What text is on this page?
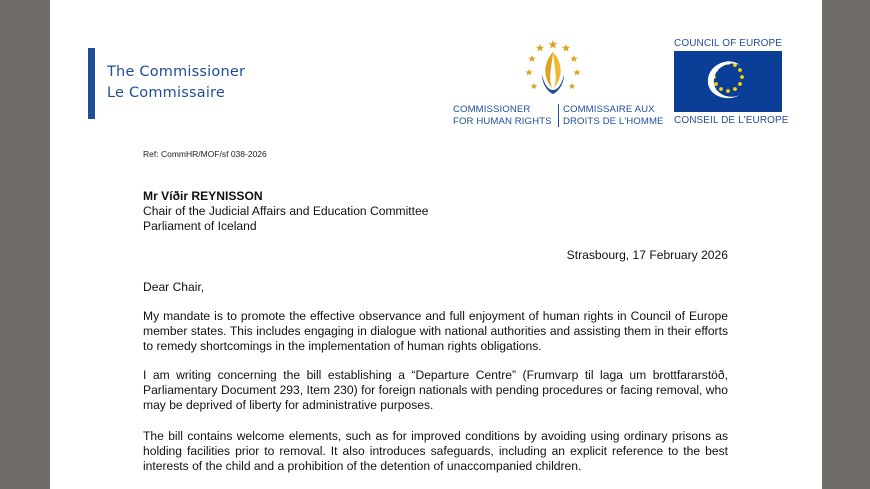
The Commissioner
Le Commissaire
COMMISSIONER
FOR HUMAN RIGHTS
COMMISSAIRE AUX
DROITS DE L'HOMME
COUNCIL OF EUROPE
CONSEIL DE L'EUROPE
Ref: CommHR/MOF/sf 038-2026
Mr Víðir REYNISSON
Chair of the Judicial Affairs and Education Committee
Parliament of Iceland
Strasbourg, 17 February 2026
Dear Chair,
My mandate is to promote the effective observance and full enjoyment of human rights in Council of Europe member states. This includes engaging in dialogue with national authorities and assisting them in their efforts to remedy shortcomings in the implementation of human rights obligations.
I am writing concerning the bill establishing a “Departure Centre” (Frumvarp til laga um brottfararstöð, Parliamentary Document 293, Item 230) for foreign nationals with pending procedures or facing removal, who may be deprived of liberty for administrative purposes.
The bill contains welcome elements, such as for improved conditions by avoiding using ordinary prisons as holding facilities prior to removal. It also introduces safeguards, including an explicit reference to the best interests of the child and a prohibition of the detention of unaccompanied children.
